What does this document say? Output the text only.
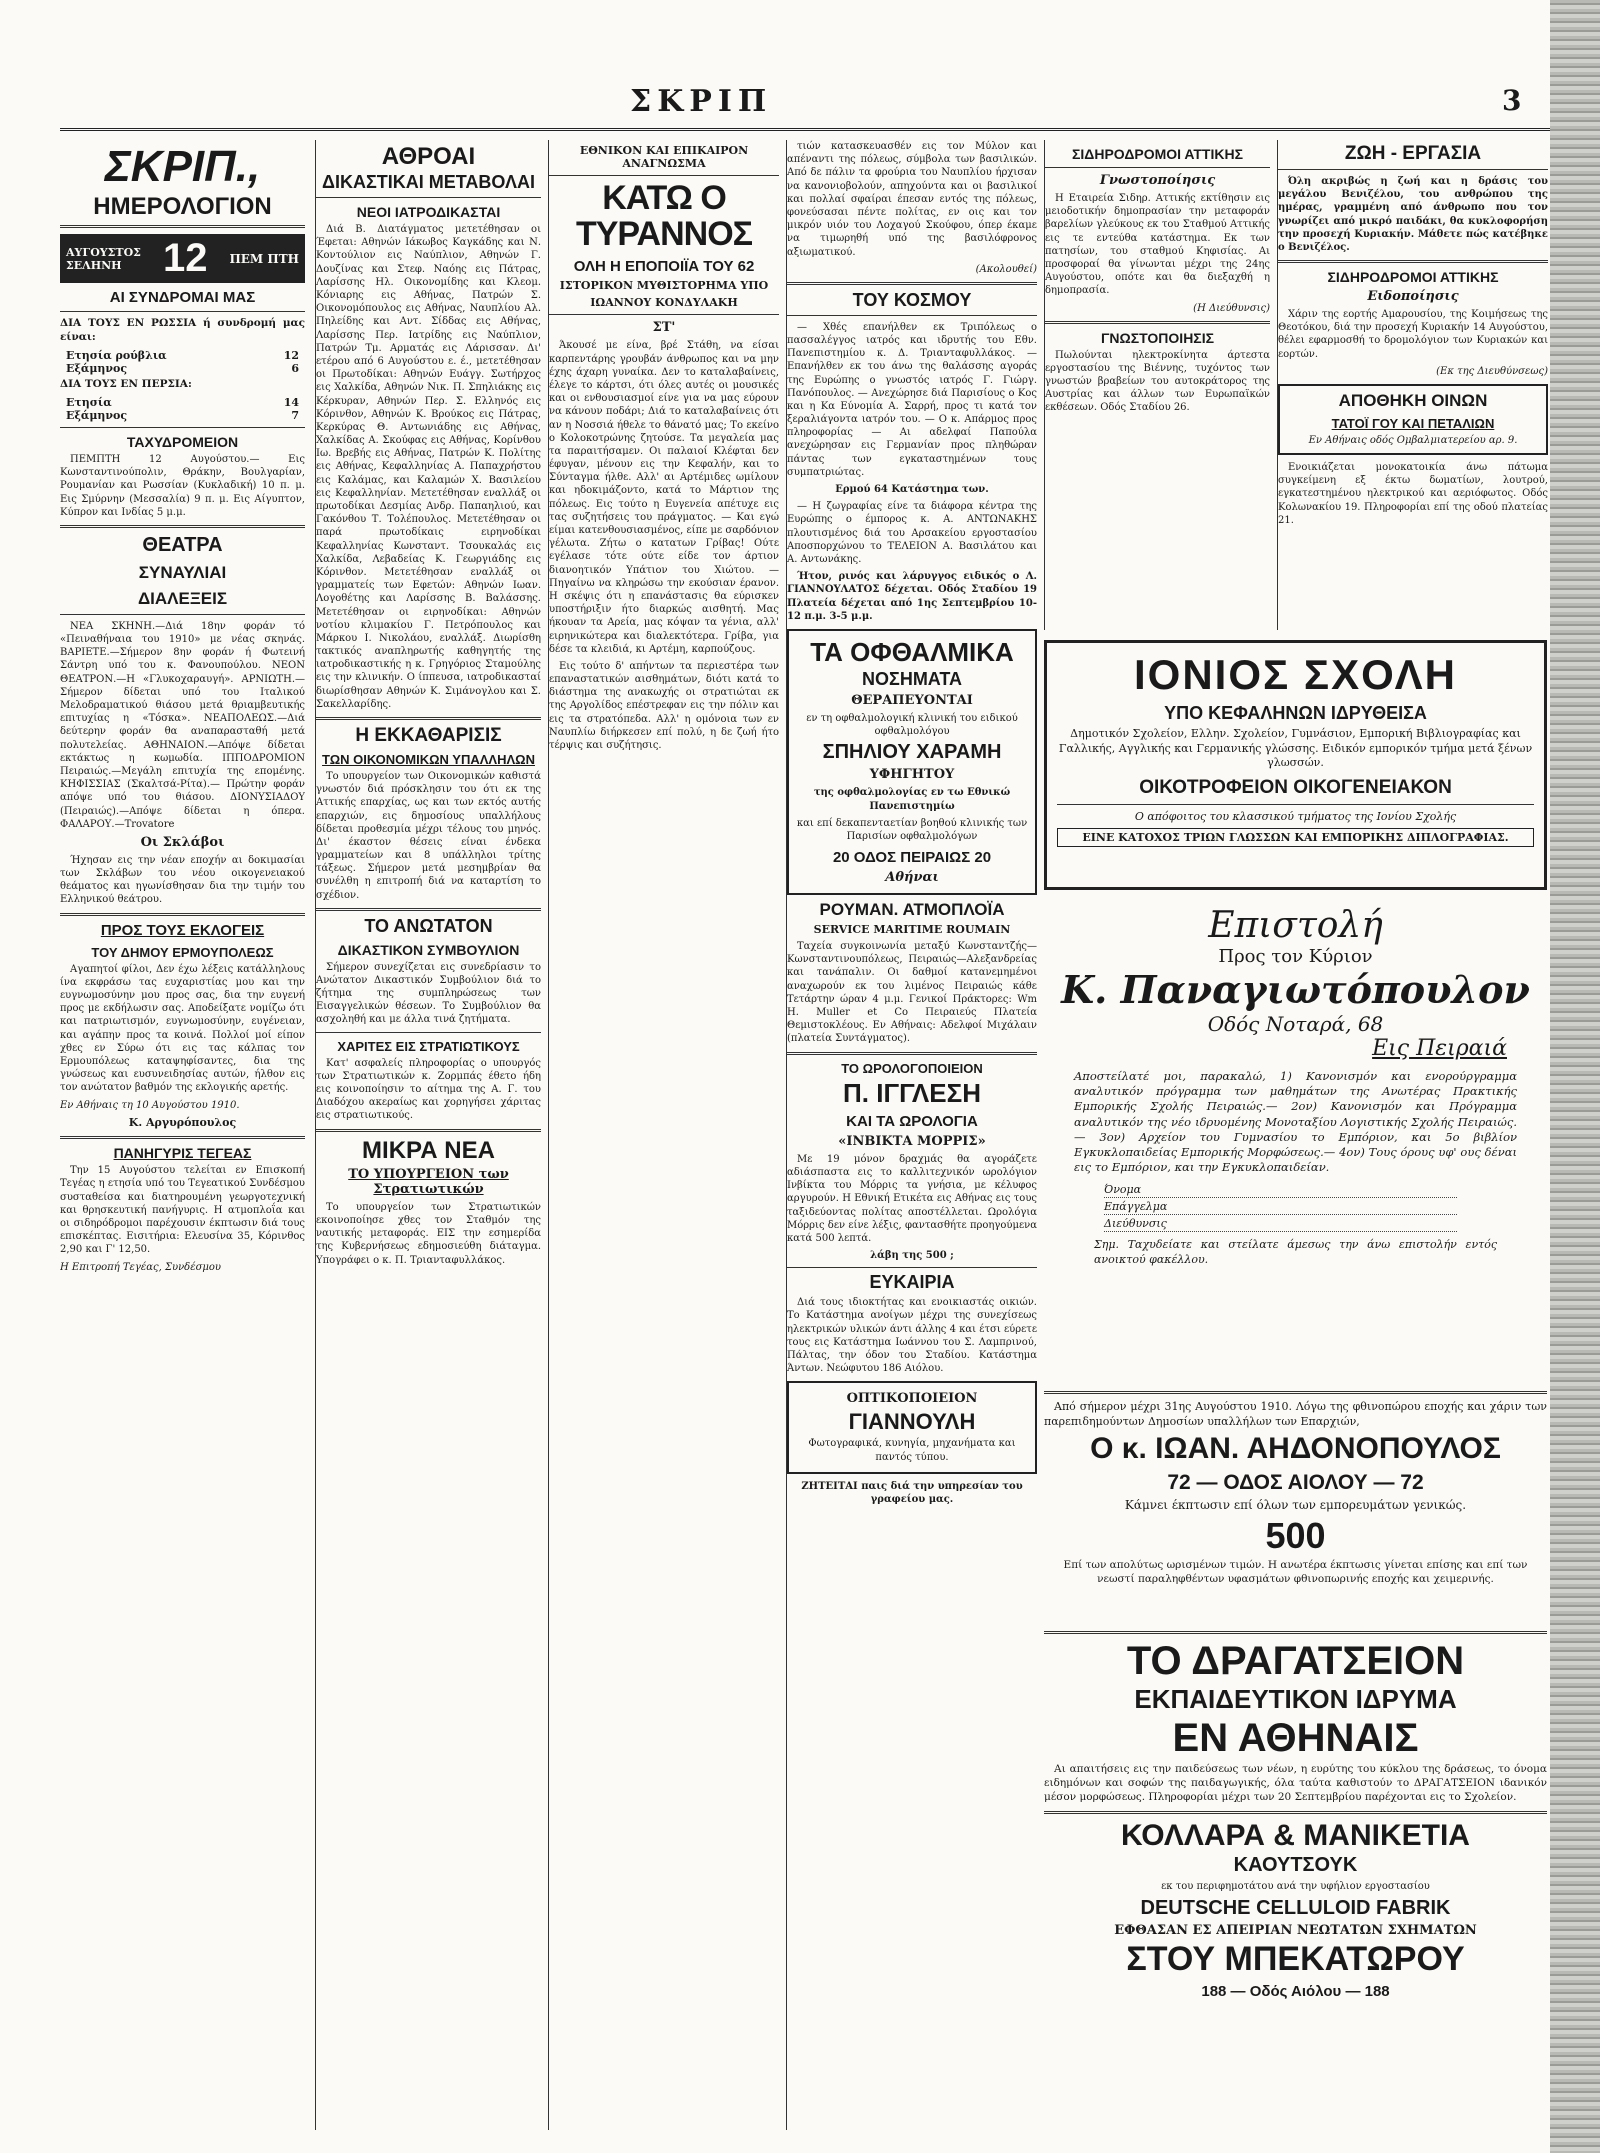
ΣΚΡΙΠ	3
ΣΚΡΙΠ.,
ΗΜΕΡΟΛΟΓΙΟΝ
ΑΥΓΟΥΣΤΟΣ
ΣΕΛΗΝΗ	12 ΠΕΜ ΠΤΗ
ΑΙ ΣΥΝΔΡΟΜΑΙ ΜΑΣ

ΔΙΑ ΤΟΥΣ ΕΝ ΡΩΣΣΙΑ ή συνδρομή μας είναι:

Ετησία ρούβλια	12
Εξάμηνος	6

ΔΙΑ ΤΟΥΣ ΕΝ ΠΕΡΣΙΑ:

Ετησία	14
Εξάμηνος	7
ΤΑΧΥΔΡΟΜΕΙΟΝ

ΠΕΜΠΤΗ 12 Αυγούστου.— Εις Κωνσταντινούπολιν, Θράκην, Βουλγαρίαν, Ρουμανίαν και Ρωσσίαν (Κυκλαδική) 10 π. μ. Εις Σμύρνην (Μεσσαλία) 9 π. μ. Εις Αίγυπτον, Κύπρον και Ινδίας 5 μ.μ.

ΘΕΑΤΡΑ
ΣΥΝΑΥΛΙΑΙ
ΔΙΑΛΕΞΕΙΣ

ΝΕΑ ΣΚΗΝΗ.—Διά 18ην φοράν τό «Πειναθήναια του 1910» με νέας σκηνάς. ΒΑΡΙΕΤΕ.—Σήμερον 8ην φοράν ή Φωτεινή Σάντρη υπό του κ. Φανουπούλου. ΝΕΟΝ ΘΕΑΤΡΟΝ.—Η «Γλυκοχαραυγή». ΑΡΝΙΩΤΗ.—Σήμερον δίδεται υπό του Ιταλικού Μελοδραματικού θιάσου μετά θριαμβευτικής επιτυχίας η «Τόσκα». ΝΕΑΠΟΛΕΩΣ.—Διά δεύτερην φοράν θα αναπαρασταθή μετά πολυτελείας. ΑΘΗΝΑΙΟΝ.—Απόψε δίδεται εκτάκτως η κωμωδία. ΙΠΠΟΔΡΟΜΙΟΝ Πειραιώς.—Μεγάλη επιτυχία της επομένης. ΚΗΦΙΣΣΙΑΣ (Σκαλτσά-Ρίτα).— Πρώτην φοράν απόψε υπό του θιάσου. ΔΙΟΝΥΣΙΑΔΟΥ (Πειραιώς).—Απόψε δίδεται η όπερα. ΦΑΛΑΡΟΥ.—Trovatore

Οι Σκλάβοι

Ήχησαν εις την νέαν εποχήν αι δοκιμασίαι των Σκλάβων του νέου οικογενειακού θεάματος και ηγωνίσθησαν δια την τιμήν του Ελληνικού θεάτρου.

ΠΡΟΣ ΤΟΥΣ ΕΚΛΟΓΕΙΣ
ΤΟΥ ΔΗΜΟΥ ΕΡΜΟΥΠΟΛΕΩΣ

Αγαπητοί φίλοι, Δεν έχω λέξεις κατάλληλους ίνα εκφράσω τας ευχαριστίας μου και την ευγνωμοσύνην μου προς σας, δια την ευγενή προς με εκδήλωσιν σας. Αποδείξατε νομίζω ότι και πατριωτισμόν, ευγνωμοσύνην, ευγένειαν, και αγάπην προς τα κοινά. Πολλοί μοί είπον χθες εν Σύρω ότι εις τας κάλπας τον Ερμουπόλεως καταψηφίσαντες, δια της γνώσεως και ευσυνειδησίας αυτών, ήλθον εις τον ανώτατον βαθμόν της εκλογικής αρετής.

Εν Αθήναις τη 10 Αυγούστου 1910.

Κ. Αργυρόπουλος

ΠΑΝΗΓΥΡΙΣ ΤΕΓΕΑΣ

Την 15 Αυγούστου τελείται εν Επισκοπή Τεγέας η ετησία υπό του Τεγεατικού Συνδέσμου συσταθείσα και διατηρουμένη γεωργοτεχνική και θρησκευτική πανήγυρις. Η ατμοπλοΐα και οι σιδηρόδρομοι παρέχουσιν έκπτωσιν διά τους επισκέπτας. Εισιτήρια: Ελευσίνα 35, Κόρινθος 2,90 και Γ' 12,50.

Η Επιτροπή Τεγέας, Συνδέσμου

ΑΘΡΟΑΙ
ΔΙΚΑΣΤΙΚΑΙ ΜΕΤΑΒΟΛΑΙ
ΝΕΟΙ ΙΑΤΡΟΔΙΚΑΣΤΑΙ

Διά Β. Διατάγματος μετετέθησαν οι Έφεται: Αθηνών Ιάκωβος Καγκάδης και Ν. Κοντούλιον εις Ναύπλιον, Αθηνών Γ. Δουζίνας και Στεφ. Ναόης εις Πάτρας, Λαρίσσης Ηλ. Οικονομίδης και Κλεομ. Κόνιαρης εις Αθήνας, Πατρών Σ. Οικονομόπουλος εις Αθήνας, Ναυπλίου Αλ. Πηλείδης και Αντ. Σίδδας εις Αθήνας, Λαρίσσης Περ. Ιατρίδης εις Ναύπλιον, Πατρών Τμ. Αρματάς εις Λάρισσαν. Δι' ετέρου από 6 Αυγούστου ε. έ., μετετέθησαν οι Πρωτοδίκαι: Αθηνών Ευάγγ. Σωτήρχος εις Χαλκίδα, Αθηνών Νικ. Π. Σπηλιάκης εις Κέρκυραν, Αθηνών Περ. Σ. Ελληνός εις Κόρινθον, Αθηνών Κ. Βρούκος εις Πάτρας, Κερκύρας Θ. Αντωνιάδης εις Αθήνας, Χαλκίδας Α. Σκούφας εις Αθήνας, Κορίνθου Ιω. Βρεβής εις Αθήνας, Πατρών Κ. Πολίτης εις Αθήνας, Κεφαλληνίας Α. Παπαχρήστου εις Καλάμας, και Καλαμών Χ. Βασιλείου εις Κεφαλληνίαν. Μετετέθησαν εναλλάξ οι πρωτοδίκαι Δεσμίας Ανδρ. Παπαηλιού, και Γακόνθου Τ. Τολέπουλος. Μετετέθησαν οι παρά πρωτοδίκαις ειρηνοδίκαι Κεφαλληνίας Κωνσταντ. Τσουκαλάς εις Χαλκίδα, Λεβαδείας Κ. Γεωργιάδης εις Κόρινθον. Μετετέθησαν εναλλάξ οι γραμματείς των Εφετών: Αθηνών Ιωαν. Λογοθέτης και Λαρίσσης Β. Βαλάσσης. Μετετέθησαν οι ειρηνοδίκαι: Αθηνών νοτίου κλιμακίου Γ. Πετρόπουλος και Μάρκου Ι. Νικολάου, εναλλάξ. Διωρίσθη τακτικός αναπληρωτής καθηγητής της ιατροδικαστικής η κ. Γρηγόριος Σταμούλης εις την κλινικήν. Ο ίππευσα, ιατροδικασταί διωρίσθησαν Αθηνών Κ. Σιμάνογλου και Σ. Σακελλαρίδης.

Η ΕΚΚΑΘΑΡΙΣΙΣ
ΤΩΝ ΟΙΚΟΝΟΜΙΚΩΝ ΥΠΑΛΛΗΛΩΝ

Το υπουργείον των Οικονομικών καθιστά γνωστόν διά πρόσκλησιν του ότι εκ της Αττικής επαρχίας, ως και των εκτός αυτής επαρχιών, εις δημοσίους υπαλλήλους δίδεται προθεσμία μέχρι τέλους του μηνός. Δι' έκαστον θέσεις είναι ένδεκα γραμματείων και 8 υπάλληλοι τρίτης τάξεως. Σήμερον μετά μεσημβρίαν θα συνέλθη η επιτροπή διά να καταρτίση το σχέδιον.

ΤΟ ΑΝΩΤΑΤΟΝ
ΔΙΚΑΣΤΙΚΟΝ ΣΥΜΒΟΥΛΙΟΝ

Σήμερον συνεχίζεται εις συνεδρίασιν το Ανώτατον Δικαστικόν Συμβούλιον διά το ζήτημα της συμπληρώσεως των Εισαγγελικών θέσεων. Το Συμβούλιον θα ασχοληθή και με άλλα τινά ζητήματα.

ΧΑΡΙΤΕΣ ΕΙΣ ΣΤΡΑΤΙΩΤΙΚΟΥΣ

Κατ' ασφαλείς πληροφορίας ο υπουργός των Στρατιωτικών κ. Ζορμπάς έθετο ήδη εις κοινοποίησιν το αίτημα της Α. Γ. του Διαδόχου ακεραίως και χορηγήσει χάριτας εις στρατιωτικούς.

ΜΙΚΡΑ ΝΕΑ
ΤΟ ΥΠΟΥΡΓΕΙΟΝ των Στρατιωτικών

Το υπουργείον των Στρατιωτικών εκοινοποίησε χθες τον Σταθμόν της ναυτικής μεταφοράς. ΕΙΣ την εσημερίδα της Κυβερνήσεως εδημοσιεύθη διάταγμα. Υπογράφει ο κ. Π. Τριανταφυλλάκος.

ΕΘΝΙΚΟΝ ΚΑΙ ΕΠΙΚΑΙΡΟΝ ΑΝΑΓΝΩΣΜΑ
ΚΑΤΩ Ο ΤΥΡΑΝΝΟΣ
ΟΛΗ Η ΕΠΟΠΟΙΪΑ ΤΟΥ 62
ΙΣΤΟΡΙΚΟΝ ΜΥΘΙΣΤΟΡΗΜΑ ΥΠΟ
ΙΩΑΝΝΟΥ ΚΟΝΔΥΛΑΚΗ
ΣΤ'

Άκουσέ με είνα, βρέ Στάθη, να είσαι καρπεντάρης γρουβάν άνθρωπος και να μην έχης άχαρη γυναίκα. Δεν το καταλαβαίνεις, έλεγε το κάρτσι, ότι όλες αυτές οι μουσικές και οι ενθουσιασμοί είνε για να μας εύρουν να κάνουν ποδάρι; Διά το καταλαβαίνεις ότι αν η Νοσσιά ήθελε το θάνατό μας; Το εκείνο ο Κολοκοτρώνης ζητούσε. Τα μεγαλεία μας τα παραιτήσαμεν. Οι παλαιοί Κλέφται δεν έφυγαν, μένουν εις την Κεφαλήν, και το Σύνταγμα ήλθε. Αλλ' αι Αρτέμιδες ωμίλουν και ηδοκιμάζοντο, κατά το Μάρτιον της πόλεως. Εις τούτο η Ευγενεία απέτυχε εις τας συζητήσεις του πράγματος. — Και εγώ είμαι κατενθουσιασμένος, είπε με σαρδόνιον γέλωτα. Ζήτω ο κατατων Γρίβας! Ούτε εγέλασε τότε ούτε είδε τον άρτιον διανοητικόν Υπάτιον του Χιώτου. — Πηγαίνω να κληρώσω την εκούσιαν έρανον. Η σκέψις ότι η επανάστασις θα εύρισκεν υποστήριξιν ήτο διαρκώς αισθητή. Μας ήκουαν τα Αρεία, μας κόψαν τα γένια, αλλ' ειρηνικώτερα και διαλεκτότερα. Γρίβα, για δέσε τα κλειδιά, κι Αρτέμη, καρπούζους.

Εις τούτο δ' απήντων τα περιεστέρα των επαναστατικών αισθημάτων, διότι κατά το διάστημα της ανακωχής οι στρατιώται εκ της Αργολίδος επέστρεφαν εις την πόλιν και εις τα στρατόπεδα. Αλλ' η ομόνοια των εν Ναυπλίω διήρκεσεν επί πολύ, η δε ζωή ήτο τέρψις και συζήτησις.

τιών κατασκευασθέν εις τον Μύλον και απέναντι της πόλεως, σύμβολα των βασιλικών. Από δε πάλιν τα φρούρια του Ναυπλίου ήρχισαν να κανονιοβολούν, απηχούντα και οι βασιλικοί και πολλαί σφαίραι έπεσαν εντός της πόλεως, φονεύσασαι πέντε πολίτας, εν οις και τον μικρόν υιόν του Λοχαγού Σκούφου, όπερ έκαμε να τιμωρηθή υπό της βασιλόφρονος αξιωματικού.

(Ακολουθεί)

ΤΟΥ ΚΟΣΜΟΥ

— Χθές επανήλθεν εκ Τριπόλεως ο πασσαλέγγος ιατρός και ιδρυτής του Εθν. Πανεπιστημίου κ. Δ. Τριανταφυλλάκος. — Επανήλθεν εκ του άνω της θαλάσσης αγοράς της Ευρώπης ο γνωστός ιατρός Γ. Γιώργ. Πανόπουλος. — Ανεχώρησε διά Παρισίους ο Κος και η Κα Εύνομία Α. Σαρρή, προς τι κατά τον ξεραλιάγοντα ιατρόν του. — Ο κ. Απάρμος προς πληροφορίας — Αι αδελφαί Παπούλα ανεχώρησαν εις Γερμανίαν προς πληθώραν πάντας των εγκαταστημένων τους συμπατριώτας.

Ερμού 64 Κατάστημα των.

— Η ζωγραφίας είνε τα διάφορα κέντρα της Ευρώπης ο έμπορος κ. Α. ΑΝΤΩΝΑΚΗΣ πλουτισμένος διά του Αρσακείου εργοστασίου Αποσπορχώνου το ΤΕΛΕΙΟΝ Α. Βασιλάτου και Α. Αντωνάκης.

Ήτον, ρινός και λάρυγγος ειδικός ο Λ. ΓΙΑΝΝΟΥΛΑΤΟΣ δέχεται. Οδός Σταδίου 19 Πλατεία δέχεται από 1ης Σεπτεμβρίου 10-12 π.μ. 3-5 μ.μ.

ΤΑ ΟΦΘΑΛΜΙΚΑ
ΝΟΣΗΜΑΤΑ
ΘΕΡΑΠΕΥΟΝΤΑΙ

εν τη οφθαλμολογική κλινική του ειδικού οφθαλμολόγου

ΣΠΗΛΙΟΥ ΧΑΡΑΜΗ
ΥΦΗΓΗΤΟΥ

της οφθαλμολογίας εν τω Εθνικώ Πανεπιστημίω

και επί δεκαπενταετίαν βοηθού κλινικής των Παρισίων οφθαλμολόγων

20 ΟΔΟΣ ΠΕΙΡΑΙΩΣ 20
Αθήναι
ΡΟΥΜΑΝ. ΑΤΜΟΠΛΟΪΑ
SERVICE MARITIME ROUMAIN

Ταχεία συγκοινωνία μεταξύ Κωνσταντζής—Κωνσταντινουπόλεως, Πειραιώς—Αλεξανδρείας και τανάπαλιν. Οι δαθμοί κατανεμημένοι αναχωρούν εκ του λιμένος Πειραιώς κάθε Τετάρτην ώραν 4 μ.μ. Γενικοί Πράκτορες: Wm H. Muller et Co Πειραιεύς Πλατεία Θεμιστοκλέους. Εν Αθήναις: Αδελφοί Μιχάλαιν (πλατεία Συντάγματος).

ΤΟ ΩΡΟΛΟΓΟΠΟΙΕΙΟΝ
Π. ΙΓΓΛΕΣΗ
ΚΑΙ ΤΑ ΩΡΟΛΟΓΙΑ
«ΙΝΒΙΚΤΑ ΜΟΡΡΙΣ»

Με 19 μόνον δραχμάς θα αγοράζετε αδιάσπαστα εις το καλλιτεχνικόν ωρολόγιον Ινβίκτα του Μόρρις τα γνήσια, με κέλυφος αργυρούν. Η Εθνική Ετικέτα εις Αθήνας εις τους ταξιδεύοντας πολίτας αποστέλλεται. Ωρολόγια Μόρρις δεν είνε λέξις, φαντασθήτε προηγούμενα κατά 500 λεπτά.

λάβη της 500 ;

ΕΥΚΑΙΡΙΑ

Διά τους ιδιοκτήτας και ενοικιαστάς οικιών. Το Κατάστημα ανοίγων μέχρι της συνεχίσεως ηλεκτρικών υλικών άντι άλλης 4 και έτσι εύρετε τους εις Κατάστημα Ιωάννου του Σ. Λαμπρινού, Πάλτας, την όδον του Σταδίου. Κατάστημα Άντων. Νεώφυτου 186 Αιόλου.

ΟΠΤΙΚΟΠΟΙΕΙΟΝ
ΓΙΑΝΝΟΥΛΗ

Φωτογραφικά, κυνηγία, μηχανήματα και παντός τύπου.

ΖΗΤΕΙΤΑΙ παις διά την υπηρεσίαν του γραφείου μας.

ΣΙΔΗΡΟΔΡΟΜΟΙ ΑΤΤΙΚΗΣ
Γνωστοποίησις

Η Εταιρεία Σιδηρ. Αττικής εκτίθησιν εις μειοδοτικήν δημοπρασίαν την μεταφοράν βαρελίων γλεύκους εκ του Σταθμού Αττικής εις τε εντεύθα κατάστημα. Εκ των πατησίων, του σταθμού Κηφισίας. Αι προσφοραί θα γίνωνται μέχρι της 24ης Αυγούστου, οπότε και θα διεξαχθή η δημοπρασία.

(Η Διεύθυνσις)

ΓΝΩΣΤΟΠΟΙΗΣΙΣ

Πωλούνται ηλεκτροκίνητα άρτεστα εργοστασίου της Βιέννης, τυχόντος των γνωστών βραβείων του αυτοκράτορος της Αυστρίας και άλλων των Ευρωπαϊκών εκθέσεων. Οδός Σταδίου 26.

ΖΩΗ - ΕΡΓΑΣΙΑ

Όλη ακριβώς η ζωή και η δράσις του μεγάλου Βενιζέλου, του ανθρώπου της ημέρας, γραμμένη από άνθρωπο που τον γνωρίζει από μικρό παιδάκι, θα κυκλοφορήση την προσεχή Κυριακήν. Μάθετε πώς κατέβηκε ο Βενιζέλος.

ΣΙΔΗΡΟΔΡΟΜΟΙ ΑΤΤΙΚΗΣ
Ειδοποίησις

Χάριν της εορτής Αμαρουσίου, της Κοιμήσεως της Θεοτόκου, διά την προσεχή Κυριακήν 14 Αυγούστου, θέλει εφαρμοσθή το δρομολόγιον των Κυριακών και εορτών.

(Εκ της Διευθύνσεως)

ΑΠΟΘΗΚΗ ΟΙΝΩΝ
ΤΑΤΟΪ ΓΟΥ ΚΑΙ ΠΕΤΑΛΙΩΝ

Εν Αθήναις οδός Ομβαλμιατερείου αρ. 9.

Ενοικιάζεται μονοκατοικία άνω πάτωμα συγκείμενη εξ έκτω δωματίων, λουτρού, εγκατεστημένου ηλεκτρικού και αεριόφωτος. Οδός Κολωνακίου 19. Πληροφορίαι επί της οδού πλατείας 21.

ΙΟΝΙΟΣ ΣΧΟΛΗ
ΥΠΟ ΚΕΦΑΛΗΝΩΝ ΙΔΡΥΘΕΙΣΑ

Δημοτικόν Σχολείον, Ελλην. Σχολείον, Γυμνάσιον, Εμπορική Βιβλιογραφίας και Γαλλικής, Αγγλικής και Γερμανικής γλώσσης. Ειδικόν εμπορικόν τμήμα μετά ξένων γλωσσών.

ΟΙΚΟΤΡΟΦΕΙΟΝ ΟΙΚΟΓΕΝΕΙΑΚΟΝ

Ο απόφοιτος του κλασσικού τμήματος της Ιονίου Σχολής

ΕΙΝΕ ΚΑΤΟΧΟΣ ΤΡΙΩΝ ΓΛΩΣΣΩΝ ΚΑΙ ΕΜΠΟΡΙΚΗΣ ΔΙΠΛΟΓΡΑΦΙΑΣ.
Επιστολή
Προς τον Κύριον
Κ. Παναγιωτόπουλον
Οδός Νοταρά, 68
Εις Πειραιά

Αποστείλατέ μοι, παρακαλώ, 1) Κανονισμόν και ενορούργραμμα αναλυτικόν πρόγραμμα των μαθημάτων της Ανωτέρας Πρακτικής Εμπορικής Σχολής Πειραιώς.— 2ον) Κανονισμόν και Πρόγραμμα αναλυτικόν της νέο ιδρυομένης Μονοταξίου Λογιστικής Σχολής Πειραιώς. — 3ον) Αρχείον του Γυμνασίου το Εμπόριον, και 5ο βιβλίον Εγκυκλοπαιδείας Εμπορικής Μορφώσεως.— 4ον) Τους όρους υφ' ους δέναι εις το Εμπόριον, και την Εγκυκλοπαιδείαν.

Όνομα
Επάγγελμα
Διεύθυνσις

Σημ. Ταχυδείατε και στείλατε άμεσως την άνω επιστολήν εντός ανοικτού φακέλλου.

Από σήμερον μέχρι 31ης Αυγούστου 1910. Λόγω της φθινοπώρου εποχής και χάριν των παρεπιδημούντων Δημοσίων υπαλλήλων των Επαρχιών,

Ο κ. ΙΩΑΝ. ΑΗΔΟΝΟΠΟΥΛΟΣ
72 — ΟΔΟΣ ΑΙΟΛΟΥ — 72

Κάμνει έκπτωσιν επί όλων των εμπορευμάτων γενικώς.

500

Επί των απολύτως ωρισμένων τιμών. Η ανωτέρα έκπτωσις γίνεται επίσης και επί των νεωστί παραληφθέντων υφασμάτων φθινοπωρινής εποχής και χειμερινής.

ΤΟ ΔΡΑΓΑΤΣΕΙΟΝ
ΕΚΠΑΙΔΕΥΤΙΚΟΝ ΙΔΡΥΜΑ
ΕΝ ΑΘΗΝΑΙΣ

Αι απαιτήσεις εις την παιδεύσεως των νέων, η ευρύτης του κύκλου της δράσεως, το όνομα ειδημόνων και σοφών της παιδαγωγικής, όλα ταύτα καθιστούν το ΔΡΑΓΑΤΣΕΙΟΝ ιδανικόν μέσον μορφώσεως. Πληροφορίαι μέχρι των 20 Σεπτεμβρίου παρέχονται εις το Σχολείον.

ΚΟΛΛΑΡΑ & ΜΑΝΙΚΕΤΙΑ
ΚΑΟΥΤΣΟΥΚ

εκ του περιφημοτάτου ανά την υφήλιον εργοστασίου

DEUTSCHE CELLULOID FABRIK
ΕΦΘΑΣΑΝ ΕΣ ΑΠΕΙΡΙΑΝ ΝΕΩΤΑΤΩΝ ΣΧΗΜΑΤΩΝ
ΣΤΟΥ ΜΠΕΚΑΤΩΡΟΥ
188 — Οδός Αιόλου — 188
